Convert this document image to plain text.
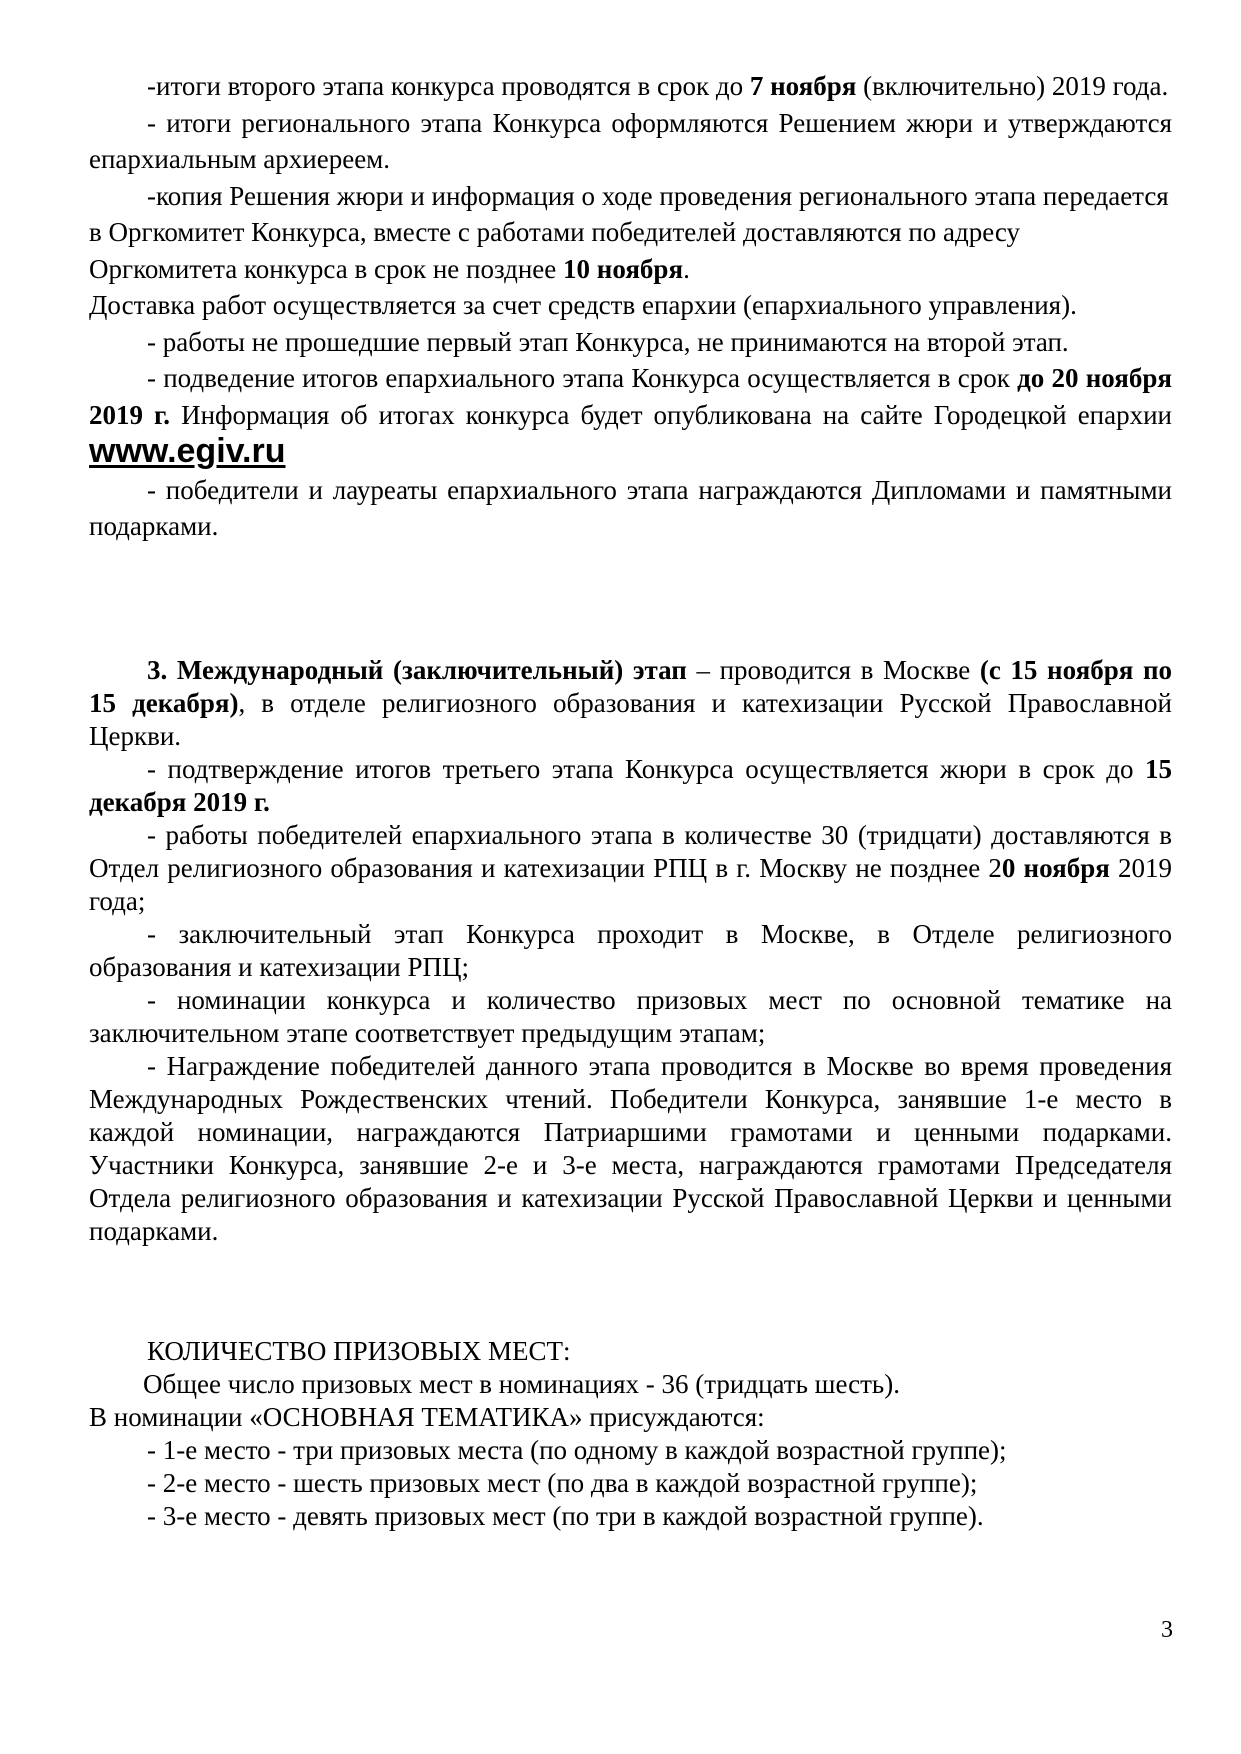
-итоги второго этапа конкурса проводятся в срок до 7 ноября (включительно) 2019 года.

- итоги регионального этапа Конкурса оформляются Решением жюри и утверждаются епархиальным архиереем.

-копия Решения жюри и информация о ходе проведения регионального этапа передается в Оргкомитет Конкурса, вместе с работами победителей доставляются по адресу Оргкомитета конкурса в срок не позднее 10 ноября.

Доставка работ осуществляется за счет средств епархии (епархиального управления).

- работы не прошедшие первый этап Конкурса, не принимаются на второй этап.

- подведение итогов епархиального этапа Конкурса осуществляется в срок до 20 ноября 2019 г. Информация об итогах конкурса будет опубликована на сайте Городецкой епархии www.egiv.ru

- победители и лауреаты епархиального этапа награждаются Дипломами и памятными подарками.

3. Международный (заключительный) этап – проводится в Москве (с 15 ноября по 15 декабря), в отделе религиозного образования и катехизации Русской Православной Церкви.

- подтверждение итогов третьего этапа Конкурса осуществляется жюри в срок до 15 декабря 2019 г.

- работы победителей епархиального этапа в количестве 30 (тридцати) доставляются в Отдел религиозного образования и катехизации РПЦ в г. Москву не позднее 20 ноября 2019 года;

- заключительный этап Конкурса проходит в Москве, в Отделе религиозного образования и катехизации РПЦ;

- номинации конкурса и количество призовых мест по основной тематике на заключительном этапе соответствует предыдущим этапам;

- Награждение победителей данного этапа проводится в Москве во время проведения Международных Рождественских чтений. Победители Конкурса, занявшие 1-е место в каждой номинации, награждаются Патриаршими грамотами и ценными подарками. Участники Конкурса, занявшие 2-е и 3-е места, награждаются грамотами Председателя Отдела религиозного образования и катехизации Русской Православной Церкви и ценными подарками.

КОЛИЧЕСТВО ПРИЗОВЫХ МЕСТ:

Общее число призовых мест в номинациях - 36 (тридцать шесть).

В номинации «ОСНОВНАЯ ТЕМАТИКА» присуждаются:

- 1-е место - три призовых места (по одному в каждой возрастной группе);

- 2-е место - шесть призовых мест (по два в каждой возрастной группе);

- 3-е место - девять призовых мест (по три в каждой возрастной группе).

3
